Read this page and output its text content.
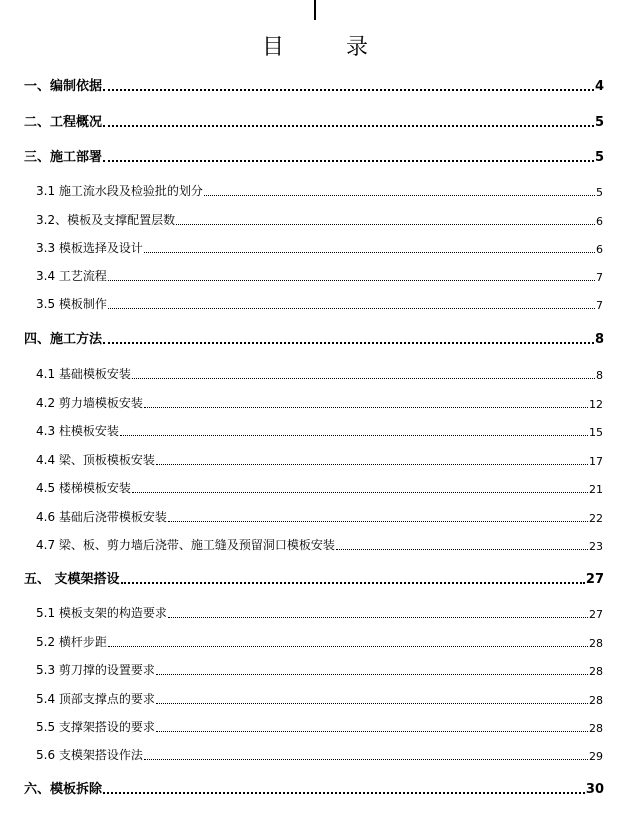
目　录
一、编制依据	4
二、工程概况	5
三、施工部署	5
3.1 施工流水段及检验批的划分	5
3.2、模板及支撑配置层数	6
3.3 模板选择及设计	6
3.4 工艺流程	7
3.5 模板制作	7
四、施工方法	8
4.1 基础模板安装	8
4.2 剪力墙模板安装	12
4.3 柱模板安装	15
4.4 梁、顶板模板安装	17
4.5 楼梯模板安装	21
4.6 基础后浇带模板安装	22
4.7 梁、板、剪力墙后浇带、施工缝及预留洞口模板安装	23
五、 支模架搭设	27
5.1 模板支架的构造要求	27
5.2 横杆步距	28
5.3 剪刀撑的设置要求	28
5.4 顶部支撑点的要求	28
5.5 支撑架搭设的要求	28
5.6 支模架搭设作法	29
六、模板拆除	30
